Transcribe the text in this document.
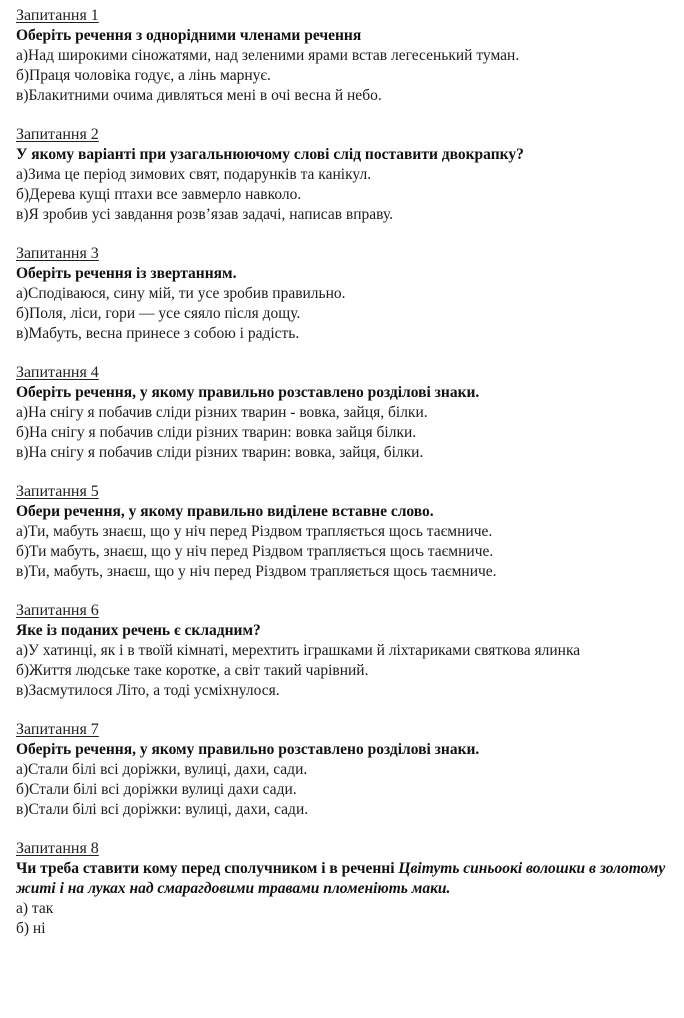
Запитання 1
Оберіть речення з однорідними членами речення
а)Над широкими сіножатями, над зеленими ярами встав легесенький туман.
б)Праця чоловіка годує, а лінь марнує.
в)Блакитними очима дивляться мені в очі весна й небо.
Запитання 2
У якому варіанті при узагальнюючому слові слід поставити двокрапку?
а)Зима це період зимових свят, подарунків та канікул.
б)Дерева кущі птахи все завмерло навколо.
в)Я зробив усі завдання розв’язав задачі, написав вправу.
Запитання 3
Оберіть речення із звертанням.
а)Сподіваюся, сину мій, ти усе зробив правильно.
б)Поля, ліси, гори — усе сяяло після дощу.
в)Мабуть, весна принесе з собою і радість.
Запитання 4
Оберіть речення, у якому правильно розставлено розділові знаки.
а)На снігу я побачив сліди різних тварин - вовка, зайця, білки.
б)На снігу я побачив сліди різних тварин: вовка зайця білки.
в)На снігу я побачив сліди різних тварин: вовка, зайця, білки.
Запитання 5
Обери речення, у якому правильно виділене вставне слово.
а)Ти, мабуть знаєш, що у ніч перед Різдвом трапляється щось таємниче.
б)Ти мабуть, знаєш, що у ніч перед Різдвом трапляється щось таємниче.
в)Ти, мабуть, знаєш, що у ніч перед Різдвом трапляється щось таємниче.
Запитання 6
Яке із поданих речень є складним?
а)У хатинці, як і в твоїй кімнаті, мерехтить іграшками й ліхтариками святкова ялинка
б)Життя людське таке коротке, а світ такий чарівний.
в)Засмутилося Літо, а тоді усміхнулося.
Запитання 7
Оберіть речення, у якому правильно розставлено розділові знаки.
а)Стали білі всі доріжки, вулиці, дахи, сади.
б)Стали білі всі доріжки вулиці дахи сади.
в)Стали білі всі доріжки: вулиці, дахи, сади.
Запитання 8
Чи треба ставити кому перед сполучником і в реченні Цвітуть синьоокі волошки в золотому житі і на луках над смарагдовими травами пломеніють маки.
а) так
б) ні
